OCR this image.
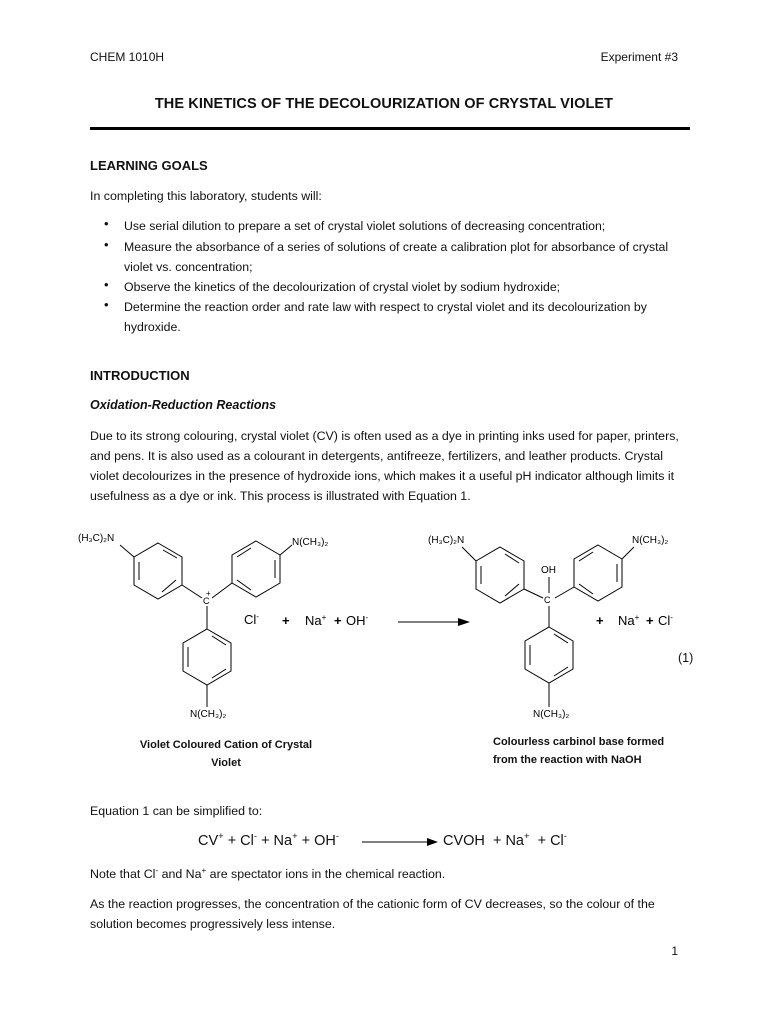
CHEM 1010H	Experiment #3
THE KINETICS OF THE DECOLOURIZATION OF CRYSTAL VIOLET
LEARNING GOALS
In completing this laboratory, students will:
• Use serial dilution to prepare a set of crystal violet solutions of decreasing concentration;
• Measure the absorbance of a series of solutions of create a calibration plot for absorbance of crystal violet vs. concentration;
• Observe the kinetics of the decolourization of crystal violet by sodium hydroxide;
• Determine the reaction order and rate law with respect to crystal violet and its decolourization by hydroxide.
INTRODUCTION
Oxidation-Reduction Reactions
Due to its strong colouring, crystal violet (CV) is often used as a dye in printing inks used for paper, printers, and pens. It is also used as a colourant in detergents, antifreeze, fertilizers, and leather products. Crystal violet decolourizes in the presence of hydroxide ions, which makes it a useful pH indicator although limits it usefulness as a dye or ink. This process is illustrated with Equation 1.
(H₃C)₂N	N(CH₃)₂
N(CH₃)₂
C
+
(H₃C)₂N	N(CH₃)₂
N(CH₃)₂
C
OH
Cl- + Na+ + OH-	+ Na+ + Cl-
(1)
Violet Coloured Cation of Crystal
Violet
Colourless carbinol base formed
from the reaction with NaOH
Equation 1 can be simplified to:
CV+ + Cl- + Na+ + OH-	CVOH + Na+ + Cl-
Note that Cl- and Na+ are spectator ions in the chemical reaction.
As the reaction progresses, the concentration of the cationic form of CV decreases, so the colour of the solution becomes progressively less intense.
1
